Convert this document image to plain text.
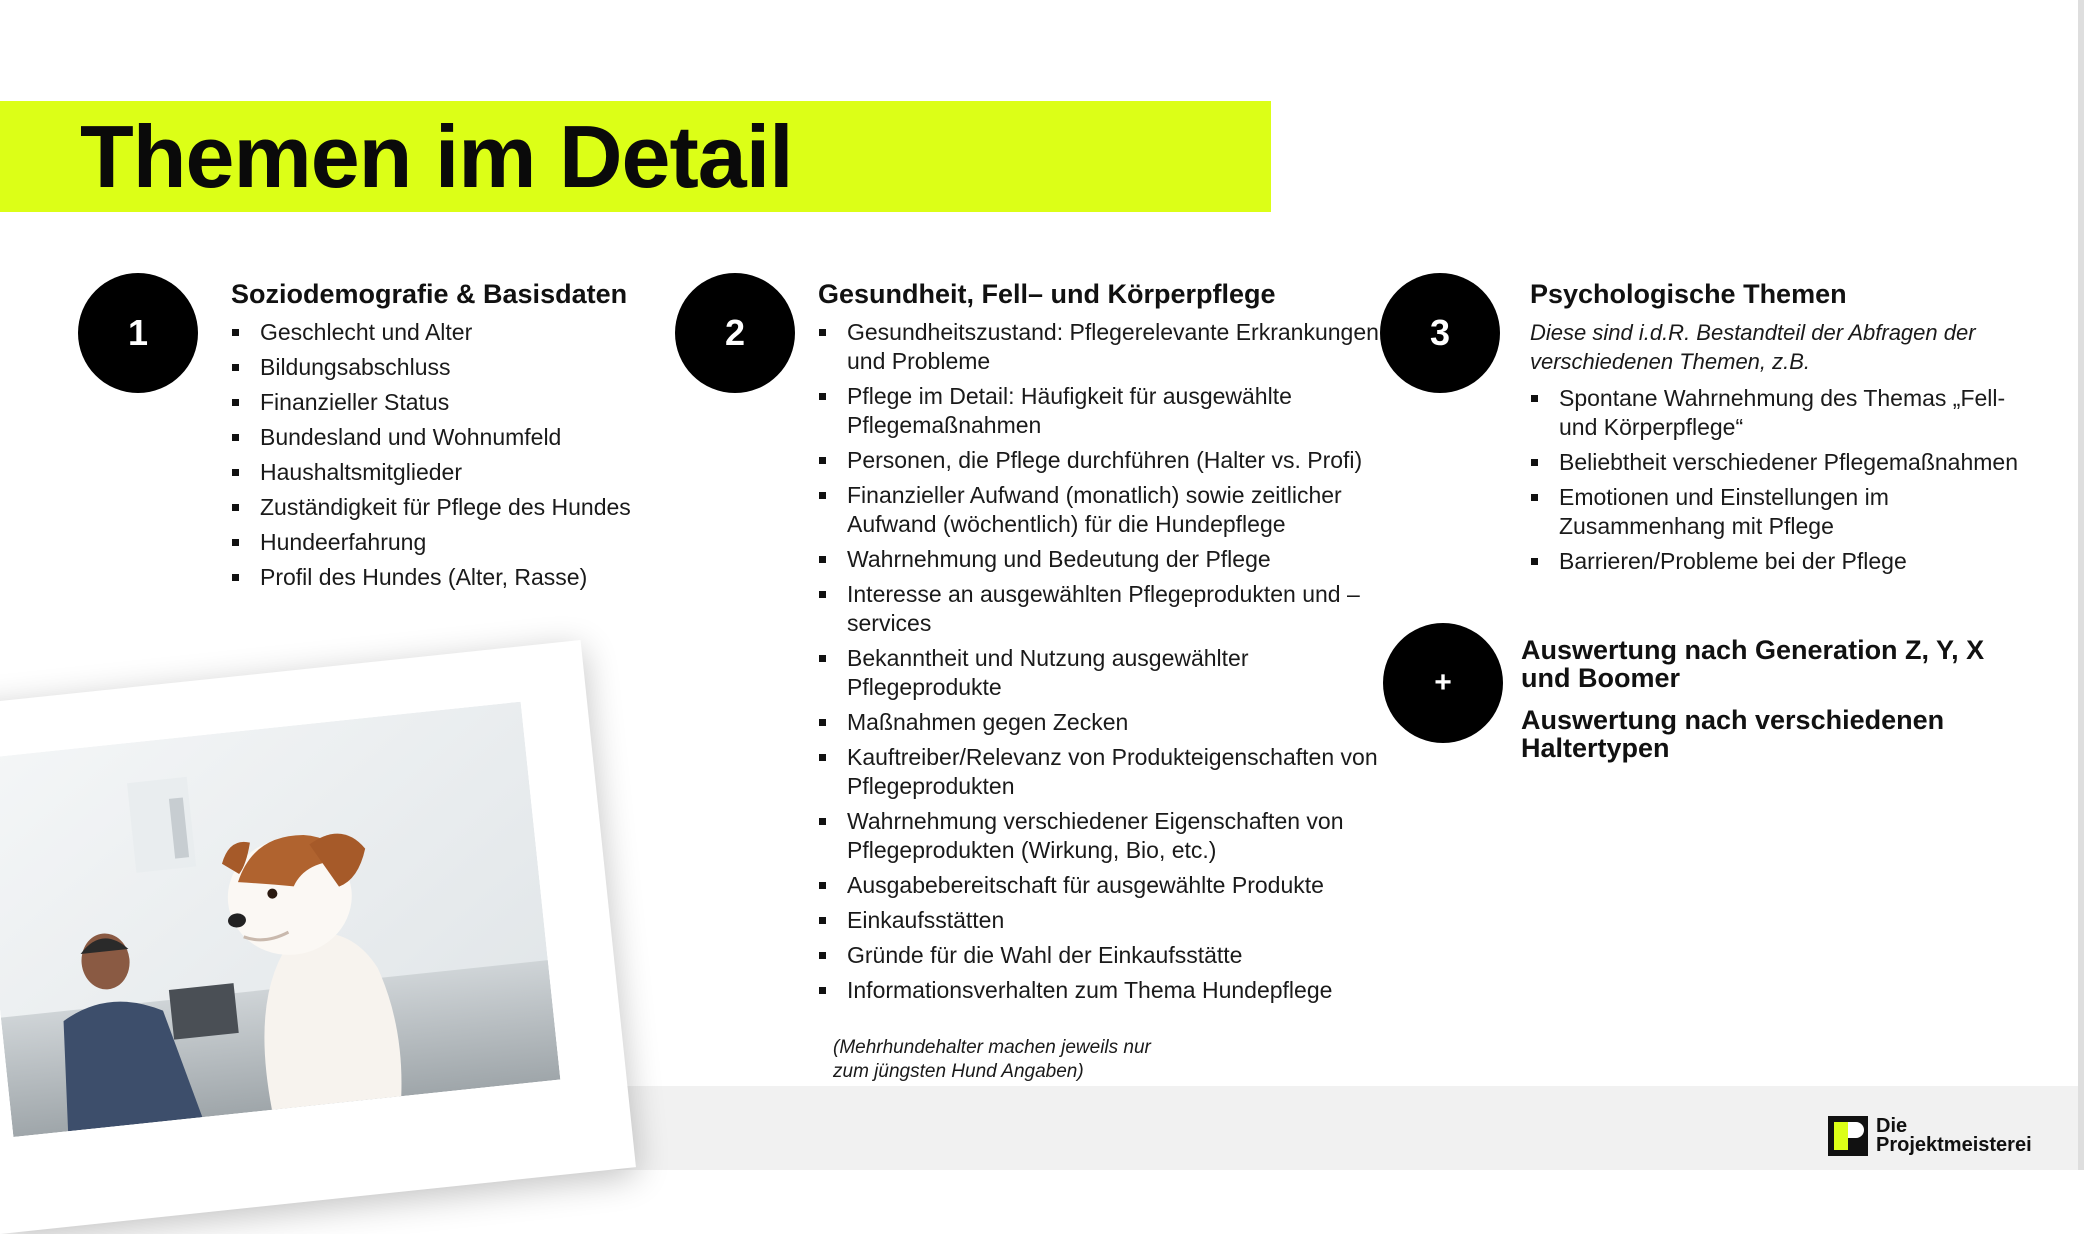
Themen im Detail
1
Soziodemografie & Basisdaten
Geschlecht und Alter
Bildungsabschluss
Finanzieller Status
Bundesland und Wohnumfeld
Haushaltsmitglieder
Zuständigkeit für Pflege des Hundes
Hundeerfahrung
Profil des Hundes (Alter, Rasse)
2
Gesundheit, Fell– und Körperpflege
Gesundheitszustand: Pflegerelevante Erkrankungen und Probleme
Pflege im Detail: Häufigkeit für ausgewählte Pflegemaßnahmen
Personen, die Pflege durchführen (Halter vs. Profi)
Finanzieller Aufwand (monatlich) sowie zeitlicher Aufwand (wöchentlich) für die Hundepflege
Wahrnehmung und Bedeutung der Pflege
Interesse an ausgewählten Pflegeprodukten und –services
Bekanntheit und Nutzung ausgewählter Pflegeprodukte
Maßnahmen gegen Zecken
Kauftreiber/Relevanz von Produkteigenschaften von Pflegeprodukten
Wahrnehmung verschiedener Eigenschaften von Pflegeprodukten (Wirkung, Bio, etc.)
Ausgabebereitschaft für ausgewählte Produkte
Einkaufsstätten
Gründe für die Wahl der Einkaufsstätte
Informationsverhalten zum Thema Hundepflege
(Mehrhundehalter machen jeweils nur zum jüngsten Hund Angaben)
3
Psychologische Themen

Diese sind i.d.R. Bestandteil der Abfragen der verschiedenen Themen, z.B.

Spontane Wahrnehmung des Themas „Fell- und Körperpflege“
Beliebtheit verschiedener Pflegemaßnahmen
Emotionen und Einstellungen im Zusammenhang mit Pflege
Barrieren/Probleme bei der Pflege
+

Auswertung nach Generation Z, Y, X und Boomer

Auswertung nach verschiedenen Haltertypen

Die
Projektmeisterei
